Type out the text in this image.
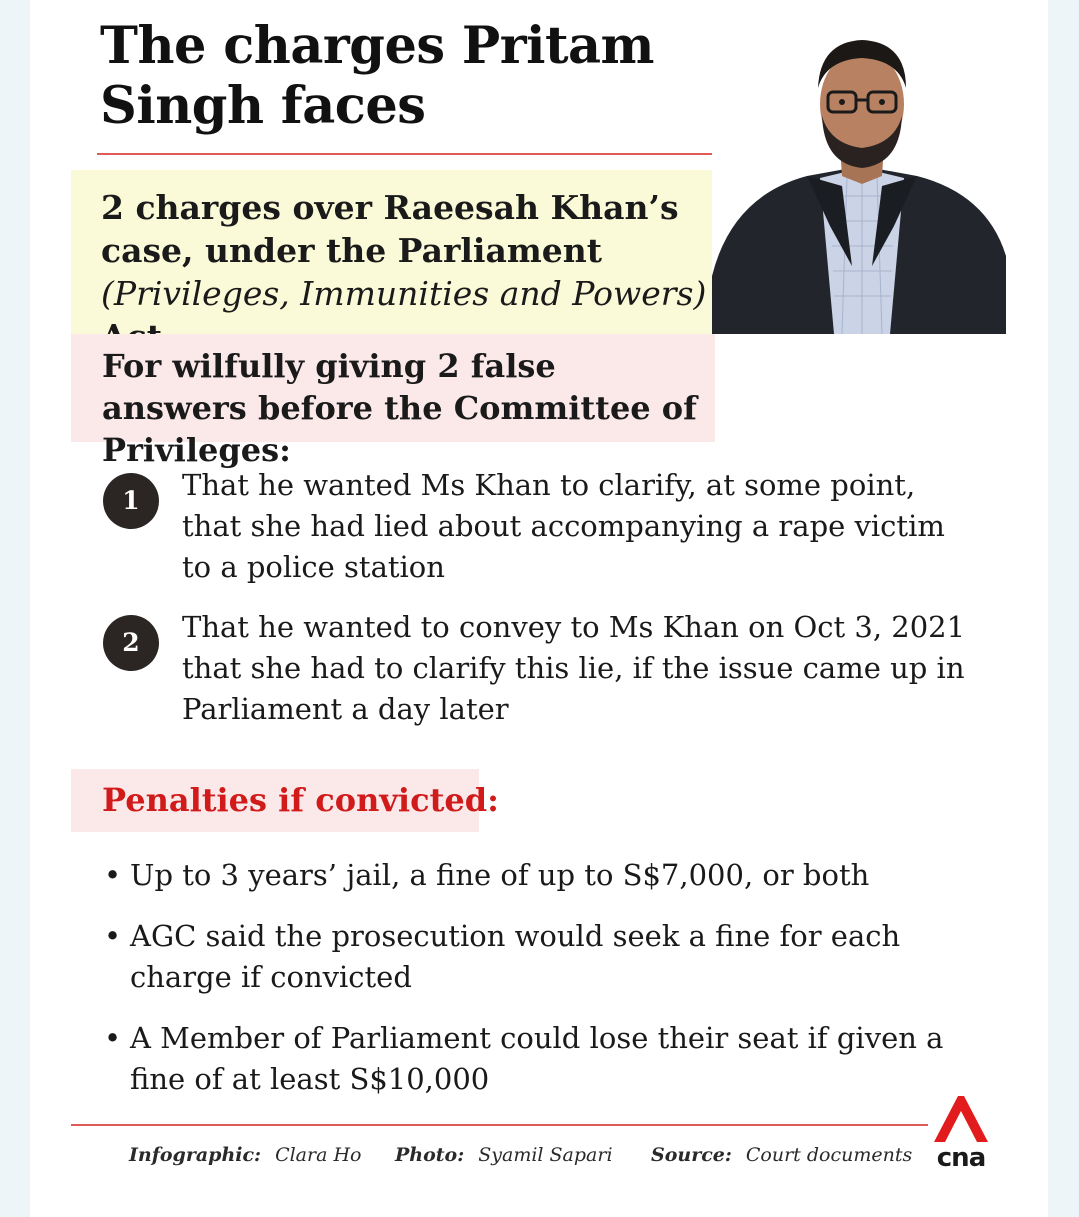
The charges Pritam Singh faces
2 charges over Raeesah Khan’s case, under the Parliament (Privileges, Immunities and Powers)
For wilfully giving 2 false answers before the Committee of Privileges:
1	That he wanted Ms Khan to clarify, at some point, that she had lied about accompanying a rape victim to a police station
2	That he wanted to convey to Ms Khan on Oct 3, 2021 that she had to clarify this lie, if the issue came up in Parliament a day later
Penalties if convicted:
• Up to 3 years’ jail, a fine of up to S$7,000, or both
• AGC said the prosecution would seek a fine for each charge if convicted
• A Member of Parliament could lose their seat if given a fine of at least S$10,000
Infographic: Clara Ho Photo: Syamil Sapari Source: Court documents cna
